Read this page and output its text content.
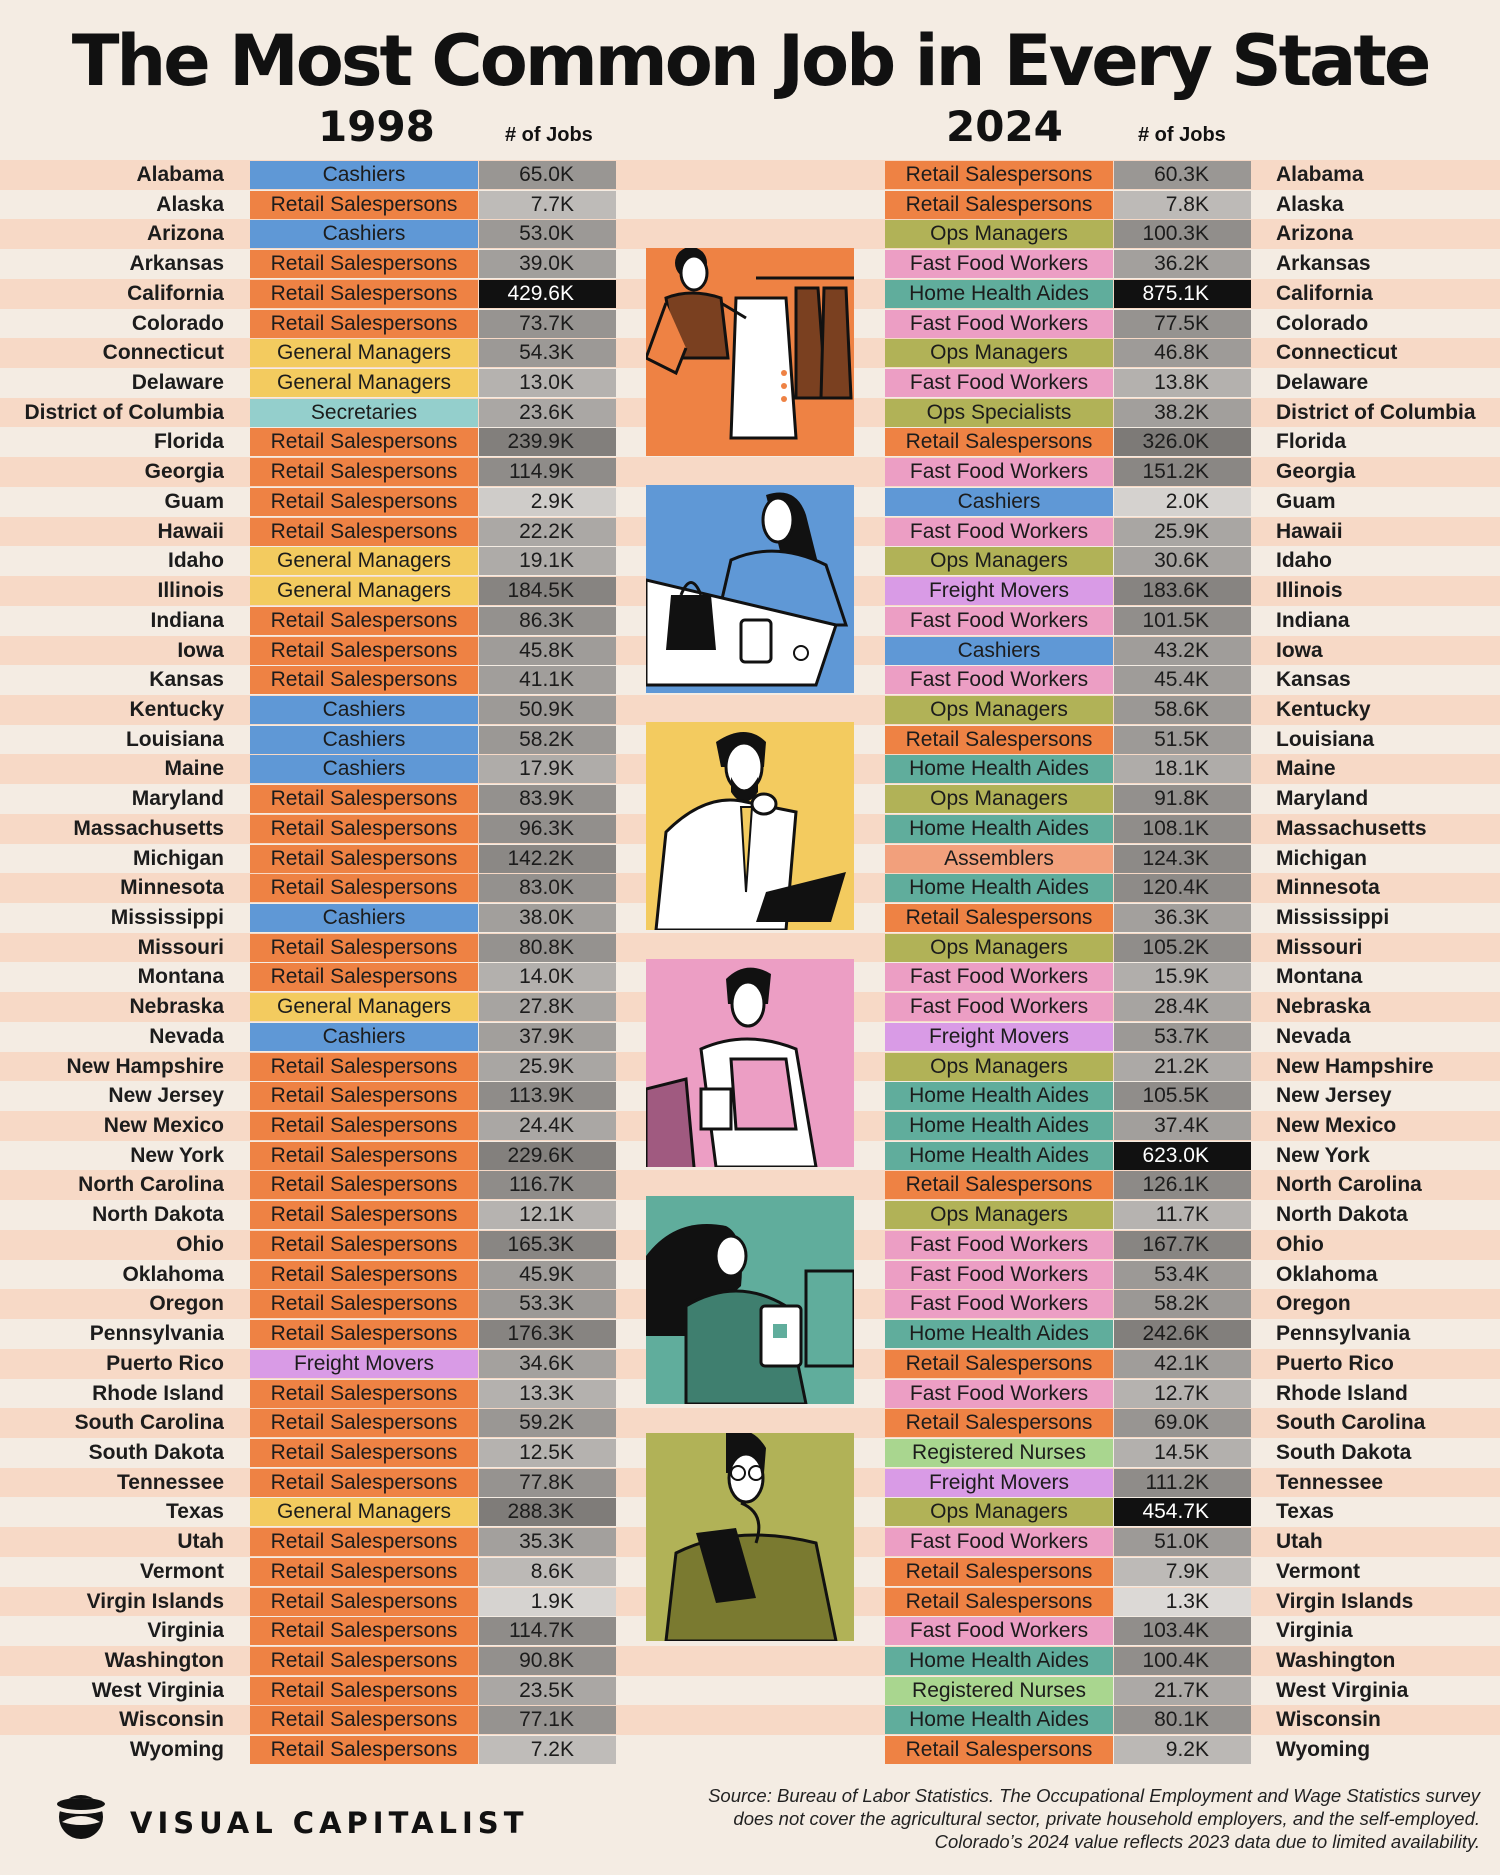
The Most Common Job in Every State
1998	# of Jobs	2024	# of Jobs
Alabama	Cashiers	65.0K	Retail Salespersons	60.3K	Alabama
Alaska	Retail Salespersons	7.7K	Retail Salespersons	7.8K	Alaska
Arizona	Cashiers	53.0K	Ops Managers	100.3K	Arizona
Arkansas	Retail Salespersons	39.0K	Fast Food Workers	36.2K	Arkansas
California	Retail Salespersons	429.6K	Home Health Aides	875.1K	California
Colorado	Retail Salespersons	73.7K	Fast Food Workers	77.5K	Colorado
Connecticut	General Managers	54.3K	Ops Managers	46.8K	Connecticut
Delaware	General Managers	13.0K	Fast Food Workers	13.8K	Delaware
District of Columbia	Secretaries	23.6K	Ops Specialists	38.2K	District of Columbia
Florida	Retail Salespersons	239.9K	Retail Salespersons	326.0K	Florida
Georgia	Retail Salespersons	114.9K	Fast Food Workers	151.2K	Georgia
Guam	Retail Salespersons	2.9K	Cashiers	2.0K	Guam
Hawaii	Retail Salespersons	22.2K	Fast Food Workers	25.9K	Hawaii
Idaho	General Managers	19.1K	Ops Managers	30.6K	Idaho
Illinois	General Managers	184.5K	Freight Movers	183.6K	Illinois
Indiana	Retail Salespersons	86.3K	Fast Food Workers	101.5K	Indiana
Iowa	Retail Salespersons	45.8K	Cashiers	43.2K	Iowa
Kansas	Retail Salespersons	41.1K	Fast Food Workers	45.4K	Kansas
Kentucky	Cashiers	50.9K	Ops Managers	58.6K	Kentucky
Louisiana	Cashiers	58.2K	Retail Salespersons	51.5K	Louisiana
Maine	Cashiers	17.9K	Home Health Aides	18.1K	Maine
Maryland	Retail Salespersons	83.9K	Ops Managers	91.8K	Maryland
Massachusetts	Retail Salespersons	96.3K	Home Health Aides	108.1K	Massachusetts
Michigan	Retail Salespersons	142.2K	Assemblers	124.3K	Michigan
Minnesota	Retail Salespersons	83.0K	Home Health Aides	120.4K	Minnesota
Mississippi	Cashiers	38.0K	Retail Salespersons	36.3K	Mississippi
Missouri	Retail Salespersons	80.8K	Ops Managers	105.2K	Missouri
Montana	Retail Salespersons	14.0K	Fast Food Workers	15.9K	Montana
Nebraska	General Managers	27.8K	Fast Food Workers	28.4K	Nebraska
Nevada	Cashiers	37.9K	Freight Movers	53.7K	Nevada
New Hampshire	Retail Salespersons	25.9K	Ops Managers	21.2K	New Hampshire
New Jersey	Retail Salespersons	113.9K	Home Health Aides	105.5K	New Jersey
New Mexico	Retail Salespersons	24.4K	Home Health Aides	37.4K	New Mexico
New York	Retail Salespersons	229.6K	Home Health Aides	623.0K	New York
North Carolina	Retail Salespersons	116.7K	Retail Salespersons	126.1K	North Carolina
North Dakota	Retail Salespersons	12.1K	Ops Managers	11.7K	North Dakota
Ohio	Retail Salespersons	165.3K	Fast Food Workers	167.7K	Ohio
Oklahoma	Retail Salespersons	45.9K	Fast Food Workers	53.4K	Oklahoma
Oregon	Retail Salespersons	53.3K	Fast Food Workers	58.2K	Oregon
Pennsylvania	Retail Salespersons	176.3K	Home Health Aides	242.6K	Pennsylvania
Puerto Rico	Freight Movers	34.6K	Retail Salespersons	42.1K	Puerto Rico
Rhode Island	Retail Salespersons	13.3K	Fast Food Workers	12.7K	Rhode Island
South Carolina	Retail Salespersons	59.2K	Retail Salespersons	69.0K	South Carolina
South Dakota	Retail Salespersons	12.5K	Registered Nurses	14.5K	South Dakota
Tennessee	Retail Salespersons	77.8K	Freight Movers	111.2K	Tennessee
Texas	General Managers	288.3K	Ops Managers	454.7K	Texas
Utah	Retail Salespersons	35.3K	Fast Food Workers	51.0K	Utah
Vermont	Retail Salespersons	8.6K	Retail Salespersons	7.9K	Vermont
Virgin Islands	Retail Salespersons	1.9K	Retail Salespersons	1.3K	Virgin Islands
Virginia	Retail Salespersons	114.7K	Fast Food Workers	103.4K	Virginia
Washington	Retail Salespersons	90.8K	Home Health Aides	100.4K	Washington
West Virginia	Retail Salespersons	23.5K	Registered Nurses	21.7K	West Virginia
Wisconsin	Retail Salespersons	77.1K	Home Health Aides	80.1K	Wisconsin
Wyoming	Retail Salespersons	7.2K	Retail Salespersons	9.2K	Wyoming
VISUAL CAPITALIST
Source: Bureau of Labor Statistics. The Occupational Employment and Wage Statistics survey
does not cover the agricultural sector, private household employers, and the self-employed.
Colorado’s 2024 value reflects 2023 data due to limited availability.
